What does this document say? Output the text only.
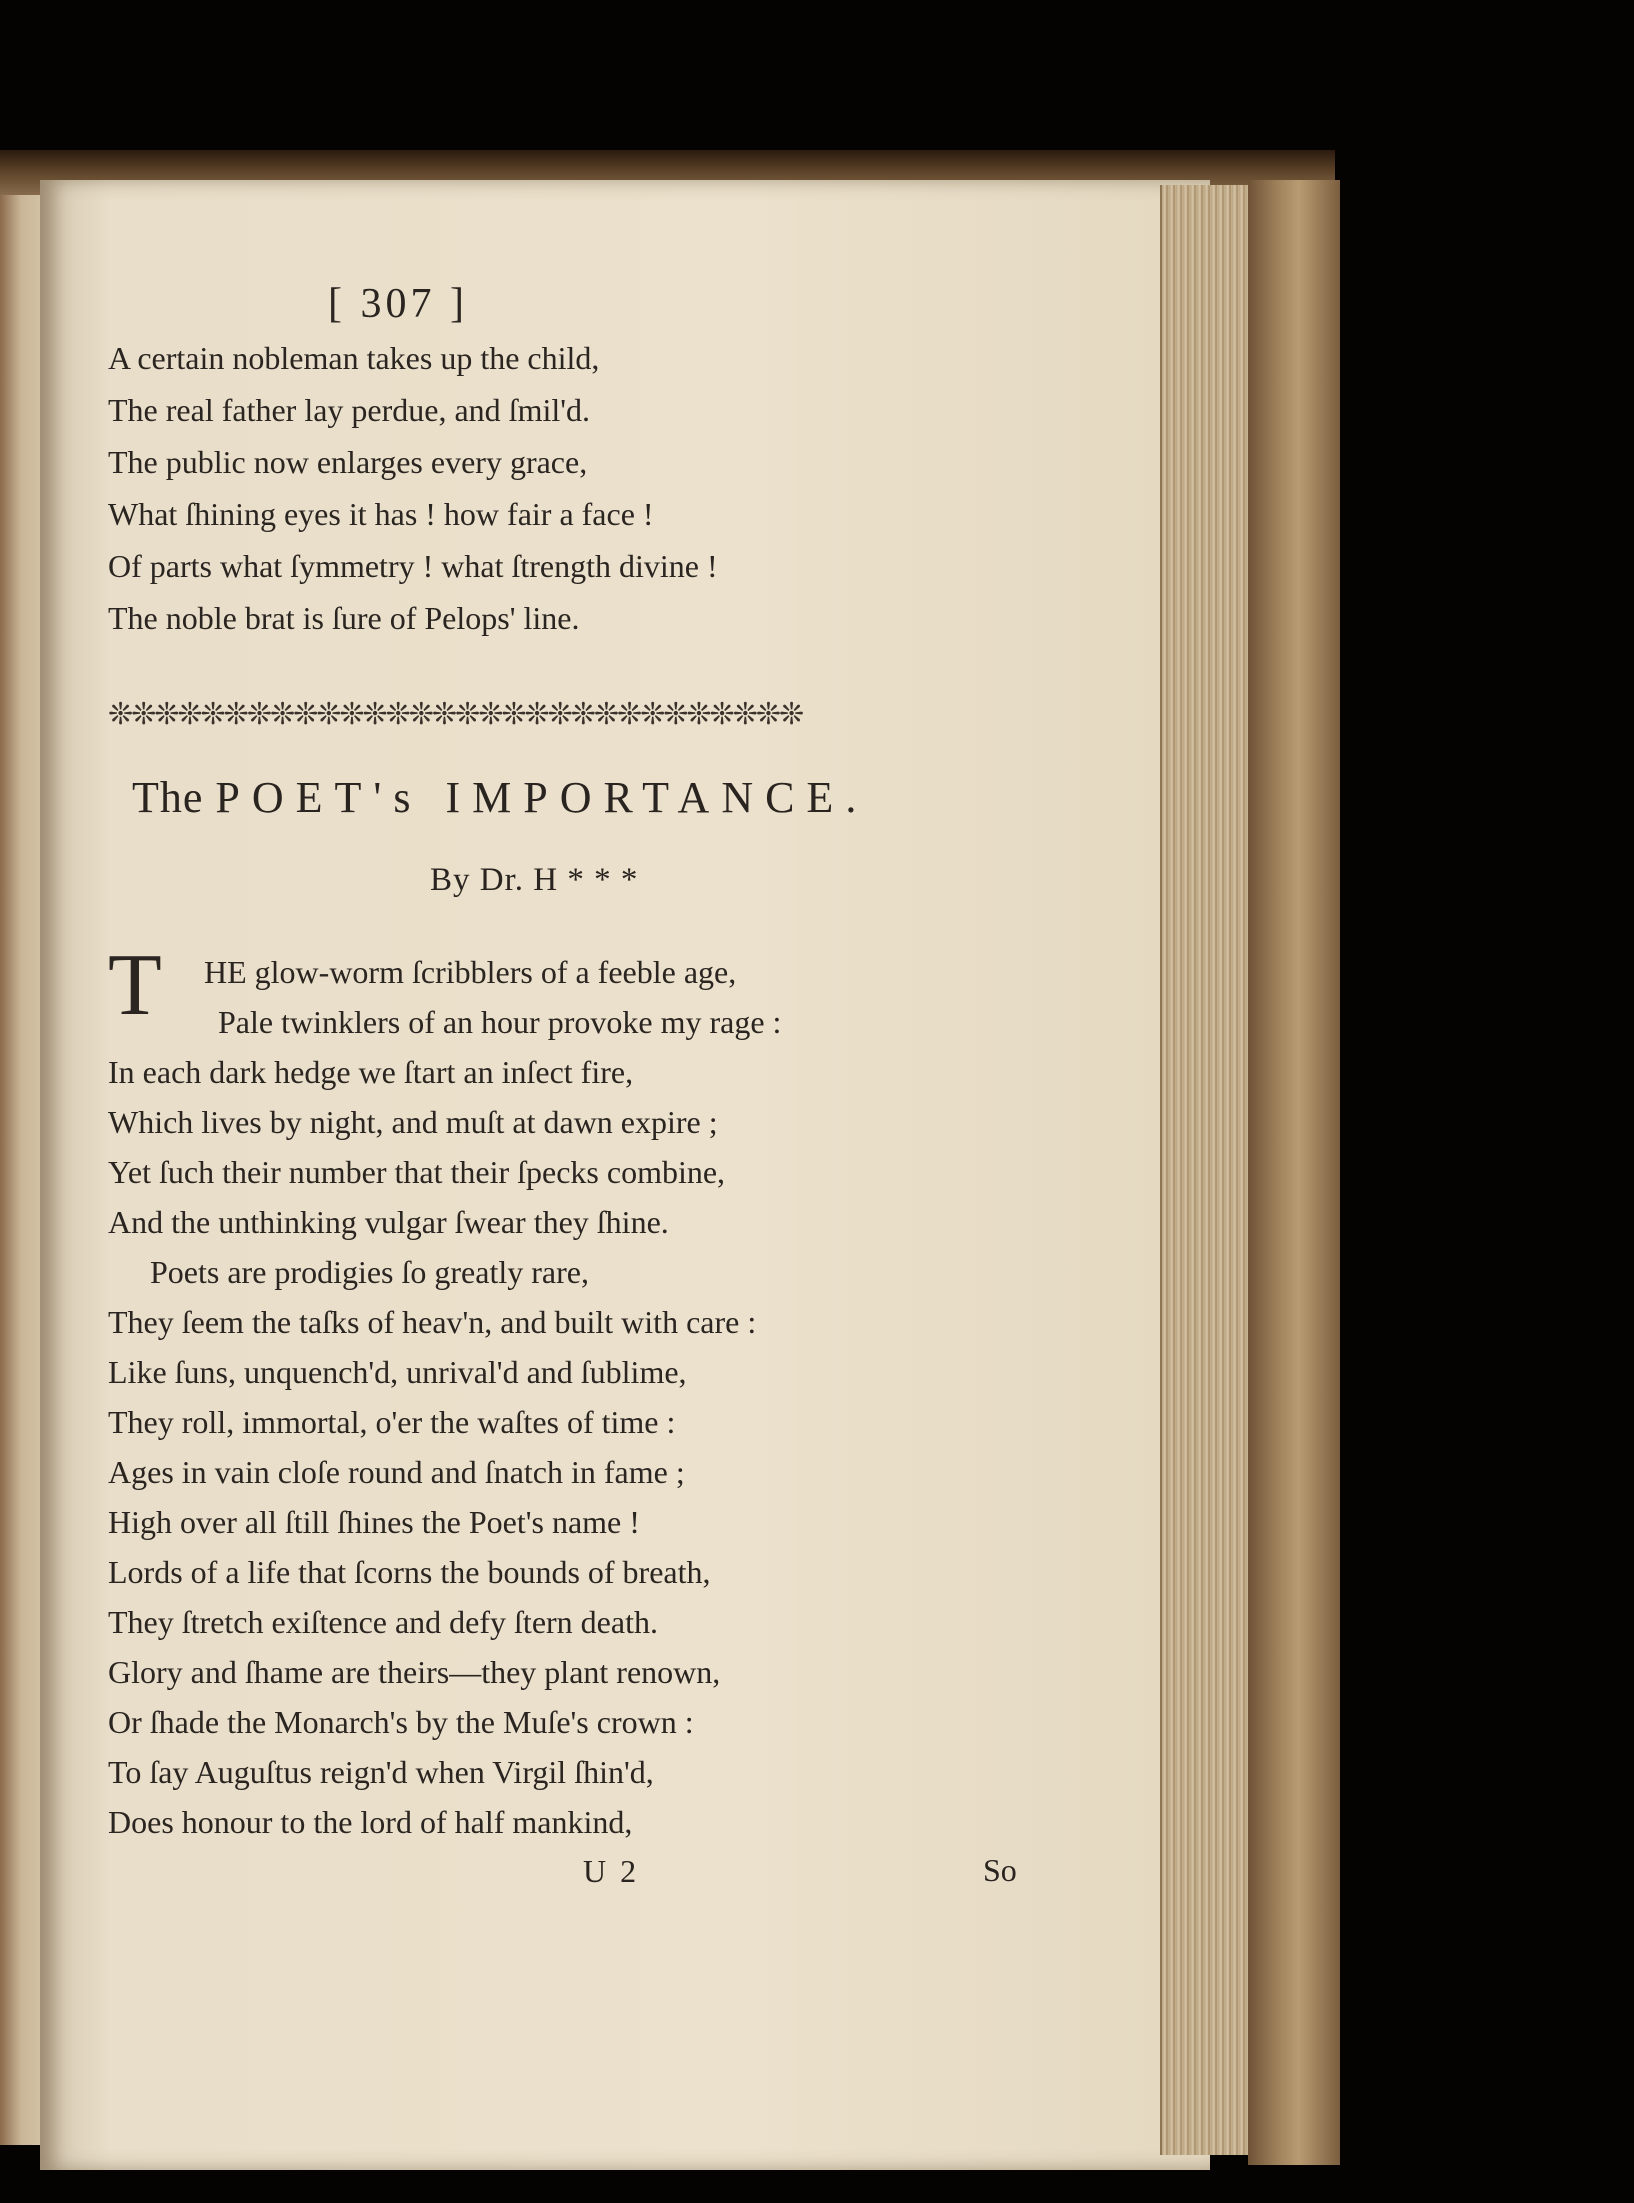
[ 307 ]
A certain nobleman takes up the child,
The real father lay perdue, and ſmil'd.
The public now enlarges every grace,
What ſhining eyes it has ! how fair a face !
Of parts what ſymmetry ! what ſtrength divine !
The noble brat is ſure of Pelops' line.
❊❊❊❊❊❊❊❊❊❊❊❊❊❊❊❊❊❊❊❊❊❊❊❊❊❊❊❊❊❊
The POET's IMPORTANCE.
By Dr. H * * *
T HE glow-worm ſcribblers of a feeble age,
Pale twinklers of an hour provoke my rage :
In each dark hedge we ſtart an inſect fire,
Which lives by night, and muſt at dawn expire ;
Yet ſuch their number that their ſpecks combine,
And the unthinking vulgar ſwear they ſhine.
Poets are prodigies ſo greatly rare,
They ſeem the taſks of heav'n, and built with care :
Like ſuns, unquench'd, unrival'd and ſublime,
They roll, immortal, o'er the waſtes of time :
Ages in vain cloſe round and ſnatch in fame ;
High over all ſtill ſhines the Poet's name !
Lords of a life that ſcorns the bounds of breath,
They ſtretch exiſtence and defy ſtern death.
Glory and ſhame are theirs—they plant renown,
Or ſhade the Monarch's by the Muſe's crown :
To ſay Auguſtus reign'd when Virgil ſhin'd,
Does honour to the lord of half mankind,
U 2	So
